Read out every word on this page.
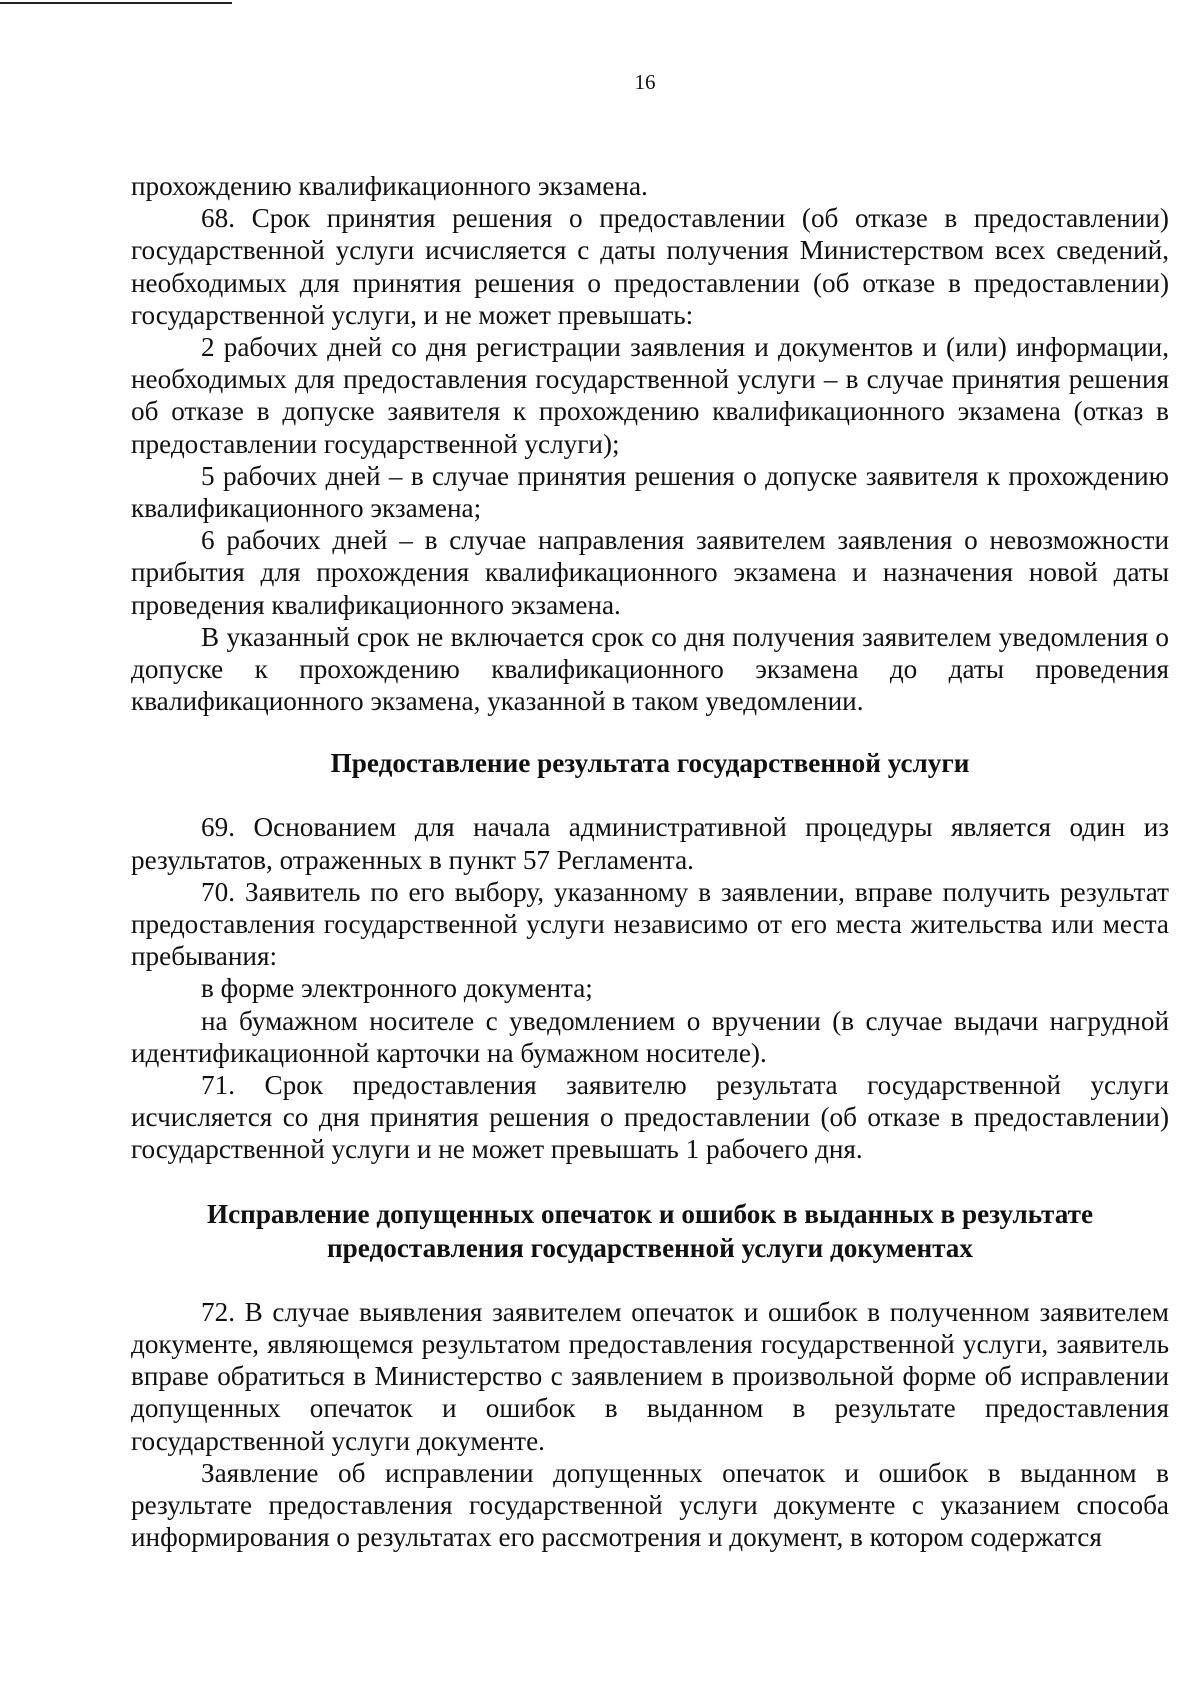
16

прохождению квалификационного экзамена.

68. Срок принятия решения о предоставлении (об отказе в предоставлении) государственной услуги исчисляется с даты получения Министерством всех сведений, необходимых для принятия решения о предоставлении (об отказе в предоставлении) государственной услуги, и не может превышать:

2 рабочих дней со дня регистрации заявления и документов и (или) информации, необходимых для предоставления государственной услуги – в случае принятия решения об отказе в допуске заявителя к прохождению квалификационного экзамена (отказ в предоставлении государственной услуги);

5 рабочих дней – в случае принятия решения о допуске заявителя к прохождению квалификационного экзамена;

6 рабочих дней – в случае направления заявителем заявления о невозможности прибытия для прохождения квалификационного экзамена и назначения новой даты проведения квалификационного экзамена.

В указанный срок не включается срок со дня получения заявителем уведомления о допуске к прохождению квалификационного экзамена до даты проведения квалификационного экзамена, указанной в таком уведомлении.

Предоставление результата государственной услуги

69. Основанием для начала административной процедуры является один из результатов, отраженных в пункт 57 Регламента.

70. Заявитель по его выбору, указанному в заявлении, вправе получить результат предоставления государственной услуги независимо от его места жительства или места пребывания:

в форме электронного документа;

на бумажном носителе с уведомлением о вручении (в случае выдачи нагрудной идентификационной карточки на бумажном носителе).

71. Срок предоставления заявителю результата государственной услуги исчисляется со дня принятия решения о предоставлении (об отказе в предоставлении) государственной услуги и не может превышать 1 рабочего дня.

Исправление допущенных опечаток и ошибок в выданных в результате
предоставления государственной услуги документах

72. В случае выявления заявителем опечаток и ошибок в полученном заявителем документе, являющемся результатом предоставления государственной услуги, заявитель вправе обратиться в Министерство с заявлением в произвольной форме об исправлении допущенных опечаток и ошибок в выданном в результате предоставления государственной услуги документе.

Заявление об исправлении допущенных опечаток и ошибок в выданном в результате предоставления государственной услуги документе с указанием способа информирования о результатах его рассмотрения и документ, в котором содержатся
